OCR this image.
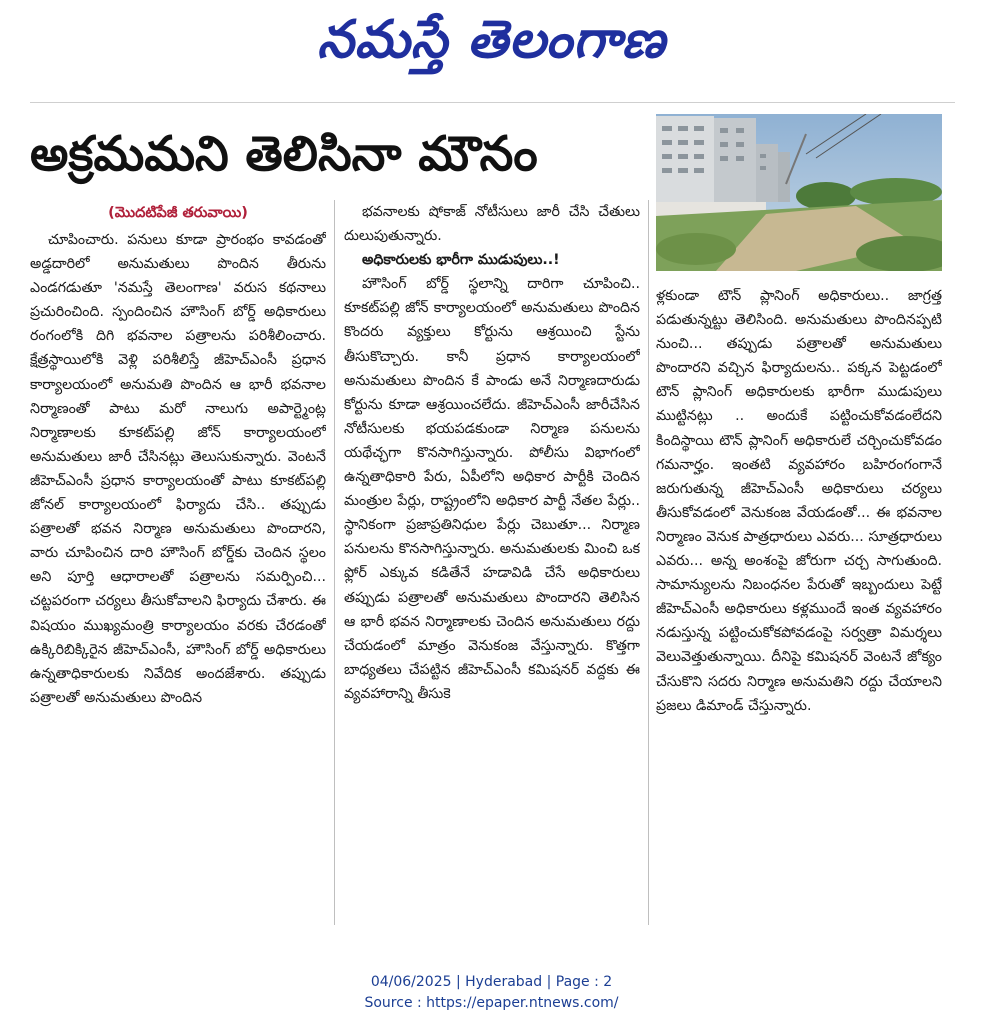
నమస్తే తెలంగాణ
అక్రమమని తెలిసినా మౌనం

చూపించారు. పనులు కూడా ప్రారంభం కావడంతో అడ్డదారిలో అనుమతులు పొందిన తీరును ఎండగడుతూ 'నమస్తే తెలంగాణ' వరుస కథనాలు ప్రచురించింది. స్పందించిన హౌసింగ్ బోర్డ్ అధికారులు రంగంలోకి దిగి భవనాల పత్రాలను పరిశీలించారు. క్షేత్రస్థాయిలోకి వెళ్లి పరిశీలిస్తే జీహెచ్ఎంసీ ప్రధాన కార్యాలయంలో అనుమతి పొందిన ఆ భారీ భవనాల నిర్మాణంతో పాటు మరో నాలుగు అపార్ట్మెంట్ల నిర్మాణాలకు కూకట్‌పల్లి జోన్ కార్యాలయంలో అనుమతులు జారీ చేసినట్లు తెలుసుకున్నారు. వెంటనే జీహెచ్ఎంసీ ప్రధాన కార్యాలయంతో పాటు కూకట్‌పల్లి జోనల్ కార్యాలయంలో ఫిర్యాదు చేసి.. తప్పుడు పత్రాలతో భవన నిర్మాణ అనుమతులు పొందారని, వారు చూపించిన దారి హౌసింగ్ బోర్డ్‌కు చెందిన స్థలం అని పూర్తి ఆధారాలతో పత్రాలను సమర్పించి... చట్టపరంగా చర్యలు తీసుకోవాలని ఫిర్యాదు చేశారు. ఈ విషయం ముఖ్యమంత్రి కార్యాలయం వరకు చేరడంతో ఉక్కిరిబిక్కిరైన జీహెచ్ఎంసీ, హౌసింగ్ బోర్డ్ అధికారులు ఉన్నతాధికారులకు నివేదిక అందజేశారు. తప్పుడు పత్రాలతో అనుమతులు పొందిన

భవనాలకు షోకాజ్ నోటీసులు జారీ చేసి చేతులు దులుపుతున్నారు.

అధికారులకు భారీగా ముడుపులు..!

హౌసింగ్ బోర్డ్ స్థలాన్ని దారిగా చూపించి.. కూకట్‌పల్లి జోన్ కార్యాలయంలో అనుమతులు పొందిన కొందరు వ్యక్తులు కోర్టును ఆశ్రయించి స్టేను తీసుకొచ్చారు. కానీ ప్రధాన కార్యాలయంలో అనుమతులు పొందిన కే పాండు అనే నిర్మాణదారుడు కోర్టును కూడా ఆశ్రయించలేదు. జీహెచ్ఎంసీ జారీచేసిన నోటీసులకు భయపడకుండా నిర్మాణ పనులను యథేచ్ఛగా కొనసాగిస్తున్నారు. పోలీసు విభాగంలో ఉన్నతాధికారి పేరు, ఏపీలోని అధికార పార్టీకి చెందిన మంత్రుల పేర్లు, రాష్ట్రంలోని అధికార పార్టీ నేతల పేర్లు.. స్థానికంగా ప్రజాప్రతినిధుల పేర్లు చెబుతూ... నిర్మాణ పనులను కొనసాగిస్తున్నారు. అనుమతులకు మించి ఒక ఫ్లోర్ ఎక్కువ కడితేనే హడావిడి చేసే అధికారులు తప్పుడు పత్రాలతో అనుమతులు పొందారని తెలిసిన ఆ భారీ భవన నిర్మాణాలకు చెందిన అనుమతులు రద్దు చేయడంలో మాత్రం వెనుకంజ వేస్తున్నారు. కొత్తగా బాధ్యతలు చేపట్టిన జీహెచ్ఎంసీ కమిషనర్ వద్దకు ఈ వ్యవహారాన్ని తీసుకె

ళ్లకుండా టౌన్ ప్లానింగ్ అధికారులు.. జాగ్రత్త పడుతున్నట్టు తెలిసింది. అనుమతులు పొందినప్పటి నుంచి... తప్పుడు పత్రాలతో అనుమతులు పొందారని వచ్చిన ఫిర్యాదులను.. పక్కన పెట్టడంలో టౌన్ ప్లానింగ్ అధికారులకు భారీగా ముడుపులు ముట్టినట్లు .. అందుకే పట్టించుకోవడంలేదని కిందిస్థాయి టౌన్ ప్లానింగ్ అధికారులే చర్చించుకోవడం గమనార్హం. ఇంతటి వ్యవహారం బహిరంగంగానే జరుగుతున్న జీహెచ్ఎంసీ అధికారులు చర్యలు తీసుకోవడంలో వెనుకంజ వేయడంతో... ఈ భవనాల నిర్మాణం వెనుక పాత్రధారులు ఎవరు... సూత్రధారులు ఎవరు... అన్న అంశంపై జోరుగా చర్చ సాగుతుంది. సామాన్యులను నిబంధనల పేరుతో ఇబ్బందులు పెట్టే జీహెచ్ఎంసీ అధికారులు కళ్లముందే ఇంత వ్యవహారం నడుస్తున్న పట్టించుకోకపోవడంపై సర్వత్రా విమర్శలు వెలువెత్తుతున్నాయి. దీనిపై కమిషనర్ వెంటనే జోక్యం చేసుకొని సదరు నిర్మాణ అనుమతిని రద్దు చేయాలని ప్రజలు డిమాండ్ చేస్తున్నారు.

(మొదటిపేజీ తరువాయి)
04/06/2025 | Hyderabad | Page : 2
Source : https://epaper.ntnews.com/
